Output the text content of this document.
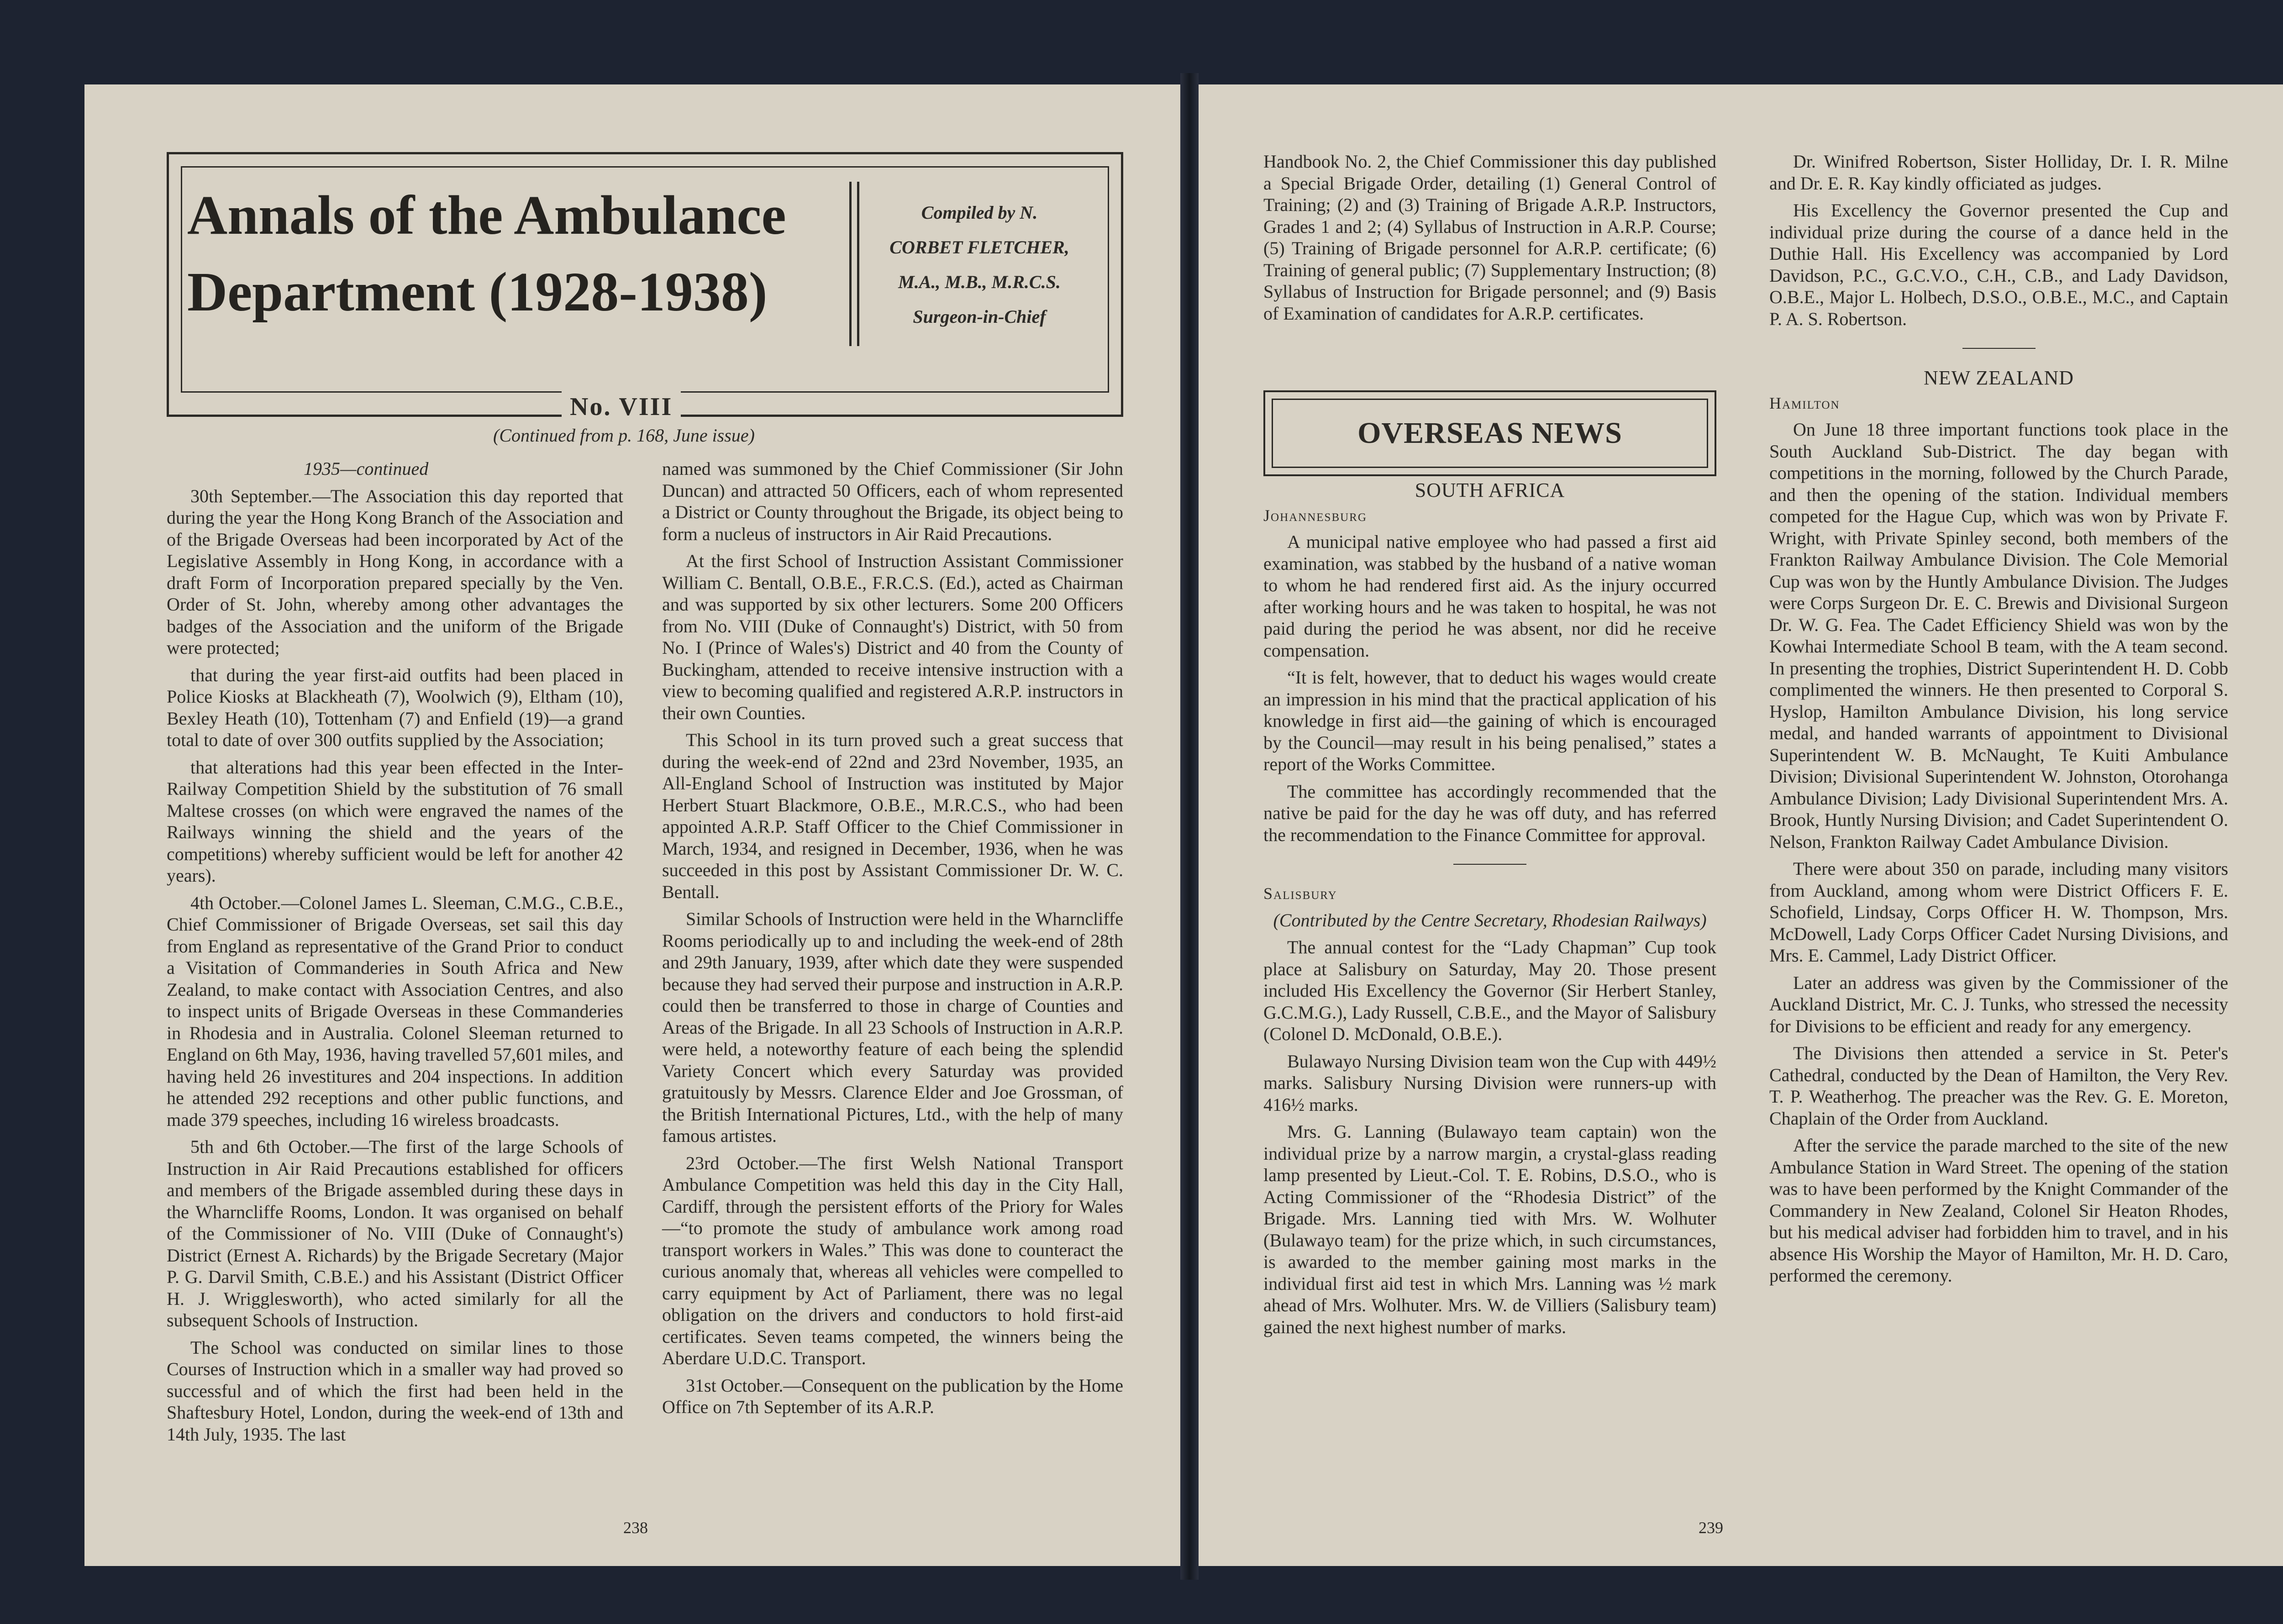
Annals of the Ambulance
Department (1928-1938)
Compiled by N.
CORBET FLETCHER,
M.A., M.B., M.R.C.S.
Surgeon-in-Chief
No. VIII
(Continued from p. 168, June issue)

1935—continued

30th September.—The Association this day reported that during the year the Hong Kong Branch of the Association and of the Brigade Overseas had been incorporated by Act of the Legislative Assembly in Hong Kong, in accordance with a draft Form of Incorporation prepared specially by the Ven. Order of St. John, whereby among other advantages the badges of the Association and the uniform of the Brigade were protected;

that during the year first-aid outfits had been placed in Police Kiosks at Blackheath (7), Woolwich (9), Eltham (10), Bexley Heath (10), Tottenham (7) and Enfield (19)—a grand total to date of over 300 outfits supplied by the Association;

that alterations had this year been effected in the Inter-Railway Competition Shield by the substitution of 76 small Maltese crosses (on which were engraved the names of the Railways winning the shield and the years of the competitions) whereby sufficient would be left for another 42 years).

4th October.—Colonel James L. Sleeman, C.M.G., C.B.E., Chief Commissioner of Brigade Overseas, set sail this day from England as representative of the Grand Prior to conduct a Visitation of Commanderies in South Africa and New Zealand, to make contact with Association Centres, and also to inspect units of Brigade Overseas in these Commanderies in Rhodesia and in Australia. Colonel Sleeman returned to England on 6th May, 1936, having travelled 57,601 miles, and having held 26 investitures and 204 inspections. In addition he attended 292 receptions and other public functions, and made 379 speeches, including 16 wireless broadcasts.

5th and 6th October.—The first of the large Schools of Instruction in Air Raid Precautions established for officers and members of the Brigade assembled during these days in the Wharncliffe Rooms, London. It was organised on behalf of the Commissioner of No. VIII (Duke of Connaught's) District (Ernest A. Richards) by the Brigade Secretary (Major P. G. Darvil Smith, C.B.E.) and his Assistant (District Officer H. J. Wrigglesworth), who acted similarly for all the subsequent Schools of Instruction.

The School was conducted on similar lines to those Courses of Instruction which in a smaller way had proved so successful and of which the first had been held in the Shaftesbury Hotel, London, during the week-end of 13th and 14th July, 1935. The last

named was summoned by the Chief Commissioner (Sir John Duncan) and attracted 50 Officers, each of whom represented a District or County throughout the Brigade, its object being to form a nucleus of instructors in Air Raid Precautions.

At the first School of Instruction Assistant Commissioner William C. Bentall, O.B.E., F.R.C.S. (Ed.), acted as Chairman and was supported by six other lecturers. Some 200 Officers from No. VIII (Duke of Connaught's) District, with 50 from No. I (Prince of Wales's) District and 40 from the County of Buckingham, attended to receive intensive instruction with a view to becoming qualified and registered A.R.P. instructors in their own Counties.

This School in its turn proved such a great success that during the week-end of 22nd and 23rd November, 1935, an All-England School of Instruction was instituted by Major Herbert Stuart Blackmore, O.B.E., M.R.C.S., who had been appointed A.R.P. Staff Officer to the Chief Commissioner in March, 1934, and resigned in December, 1936, when he was succeeded in this post by Assistant Commissioner Dr. W. C. Bentall.

Similar Schools of Instruction were held in the Wharncliffe Rooms periodically up to and including the week-end of 28th and 29th January, 1939, after which date they were suspended because they had served their purpose and instruction in A.R.P. could then be transferred to those in charge of Counties and Areas of the Brigade. In all 23 Schools of Instruction in A.R.P. were held, a noteworthy feature of each being the splendid Variety Concert which every Saturday was provided gratuitously by Messrs. Clarence Elder and Joe Grossman, of the British International Pictures, Ltd., with the help of many famous artistes.

23rd October.—The first Welsh National Transport Ambulance Competition was held this day in the City Hall, Cardiff, through the persistent efforts of the Priory for Wales—“to promote the study of ambulance work among road transport workers in Wales.” This was done to counteract the curious anomaly that, whereas all vehicles were compelled to carry equipment by Act of Parliament, there was no legal obligation on the drivers and conductors to hold first-aid certificates. Seven teams competed, the winners being the Aberdare U.D.C. Transport.

31st October.—Consequent on the publication by the Home Office on 7th September of its A.R.P.

238

Handbook No. 2, the Chief Commissioner this day published a Special Brigade Order, detailing (1) General Control of Training; (2) and (3) Training of Brigade A.R.P. Instructors, Grades 1 and 2; (4) Syllabus of Instruction in A.R.P. Course; (5) Training of Brigade personnel for A.R.P. certificate; (6) Training of general public; (7) Supplementary Instruction; (8) Syllabus of Instruction for Brigade personnel; and (9) Basis of Examination of candidates for A.R.P. certificates.

OVERSEAS NEWS
SOUTH AFRICA
Johannesburg

A municipal native employee who had passed a first aid examination, was stabbed by the husband of a native woman to whom he had rendered first aid. As the injury occurred after working hours and he was taken to hospital, he was not paid during the period he was absent, nor did he receive compensation.

“It is felt, however, that to deduct his wages would create an impression in his mind that the practical application of his knowledge in first aid—the gaining of which is encouraged by the Council—may result in his being penalised,” states a report of the Works Committee.

The committee has accordingly recommended that the native be paid for the day he was off duty, and has referred the recommendation to the Finance Committee for approval.

Salisbury

(Contributed by the Centre Secretary, Rhodesian Railways)

The annual contest for the “Lady Chapman” Cup took place at Salisbury on Saturday, May 20. Those present included His Excellency the Governor (Sir Herbert Stanley, G.C.M.G.), Lady Russell, C.B.E., and the Mayor of Salisbury (Colonel D. McDonald, O.B.E.).

Bulawayo Nursing Division team won the Cup with 449½ marks. Salisbury Nursing Division were runners-up with 416½ marks.

Mrs. G. Lanning (Bulawayo team captain) won the individual prize by a narrow margin, a crystal-glass reading lamp presented by Lieut.-Col. T. E. Robins, D.S.O., who is Acting Commissioner of the “Rhodesia District” of the Brigade. Mrs. Lanning tied with Mrs. W. Wolhuter (Bulawayo team) for the prize which, in such circumstances, is awarded to the member gaining most marks in the individual first aid test in which Mrs. Lanning was ½ mark ahead of Mrs. Wolhuter. Mrs. W. de Villiers (Salisbury team) gained the next highest number of marks.

Dr. Winifred Robertson, Sister Holliday, Dr. I. R. Milne and Dr. E. R. Kay kindly officiated as judges.

His Excellency the Governor presented the Cup and individual prize during the course of a dance held in the Duthie Hall. His Excellency was accompanied by Lord Davidson, P.C., G.C.V.O., C.H., C.B., and Lady Davidson, O.B.E., Major L. Holbech, D.S.O., O.B.E., M.C., and Captain P. A. S. Robertson.

NEW ZEALAND
Hamilton

On June 18 three important functions took place in the South Auckland Sub-District. The day began with competitions in the morning, followed by the Church Parade, and then the opening of the station. Individual members competed for the Hague Cup, which was won by Private F. Wright, with Private Spinley second, both members of the Frankton Railway Ambulance Division. The Cole Memorial Cup was won by the Huntly Ambulance Division. The Judges were Corps Surgeon Dr. E. C. Brewis and Divisional Surgeon Dr. W. G. Fea. The Cadet Efficiency Shield was won by the Kowhai Intermediate School B team, with the A team second. In presenting the trophies, District Superintendent H. D. Cobb complimented the winners. He then presented to Corporal S. Hyslop, Hamilton Ambulance Division, his long service medal, and handed warrants of appointment to Divisional Superintendent W. B. McNaught, Te Kuiti Ambulance Division; Divisional Superintendent W. Johnston, Otorohanga Ambulance Division; Lady Divisional Superintendent Mrs. A. Brook, Huntly Nursing Division; and Cadet Superintendent O. Nelson, Frankton Railway Cadet Ambulance Division.

There were about 350 on parade, including many visitors from Auckland, among whom were District Officers F. E. Schofield, Lindsay, Corps Officer H. W. Thompson, Mrs. McDowell, Lady Corps Officer Cadet Nursing Divisions, and Mrs. E. Cammel, Lady District Officer.

Later an address was given by the Commissioner of the Auckland District, Mr. C. J. Tunks, who stressed the necessity for Divisions to be efficient and ready for any emergency.

The Divisions then attended a service in St. Peter's Cathedral, conducted by the Dean of Hamilton, the Very Rev. T. P. Weatherhog. The preacher was the Rev. G. E. Moreton, Chaplain of the Order from Auckland.

After the service the parade marched to the site of the new Ambulance Station in Ward Street. The opening of the station was to have been performed by the Knight Commander of the Commandery in New Zealand, Colonel Sir Heaton Rhodes, but his medical adviser had forbidden him to travel, and in his absence His Worship the Mayor of Hamilton, Mr. H. D. Caro, performed the ceremony.

239
